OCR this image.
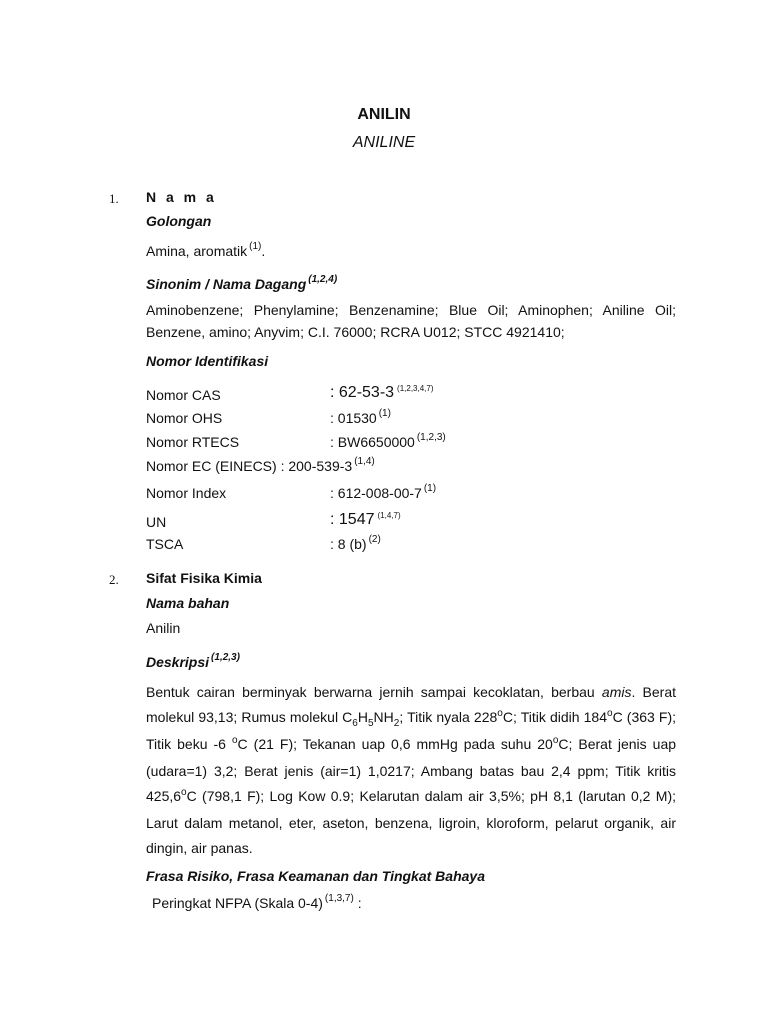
ANILIN
ANILINE
1. N a m a
Golongan
Amina, aromatik $^{(1)}$.
Sinonim / Nama Dagang $^{(1,2,4)}$
Aminobenzene; Phenylamine; Benzenamine; Blue Oil; Aminophen; Aniline Oil; Benzene, amino; Anyvim; C.I. 76000; RCRA U012; STCC 4921410;
Nomor Identifikasi
Nomor CAS	: 62-53-3 $^{(1,2,3,4,7)}$
Nomor OHS	: 01530 $^{(1)}$
Nomor RTECS	: BW6650000 $^{(1,2,3)}$
Nomor EC (EINECS) : 200-539-3 $^{(1,4)}$
Nomor Index	: 612-008-00-7 $^{(1)}$
UN	: 1547 $^{(1,4,7)}$
TSCA	: 8 (b) $^{(2)}$
2. Sifat Fisika Kimia
Nama bahan
Anilin
Deskripsi $^{(1,2,3)}$
Bentuk cairan berminyak berwarna jernih sampai kecoklatan, berbau amis. Berat molekul 93,13; Rumus molekul $C_6H_5NH_2$; Titik nyala 228$^o$C; Titik didih 184$^o$C (363 F); Titik beku -6 $^o$C (21 F); Tekanan uap 0,6 mmHg pada suhu 20$^o$C; Berat jenis uap (udara=1) 3,2; Berat jenis (air=1) 1,0217; Ambang batas bau 2,4 ppm; Titik kritis 425,6$^o$C (798,1 F); Log Kow 0.9; Kelarutan dalam air 3,5%; pH 8,1 (larutan 0,2 M); Larut dalam metanol, eter, aseton, benzena, ligroin, kloroform, pelarut organik, air dingin, air panas.
Frasa Risiko, Frasa Keamanan dan Tingkat Bahaya
Peringkat NFPA (Skala 0-4) $^{(1,3,7)}$ :
